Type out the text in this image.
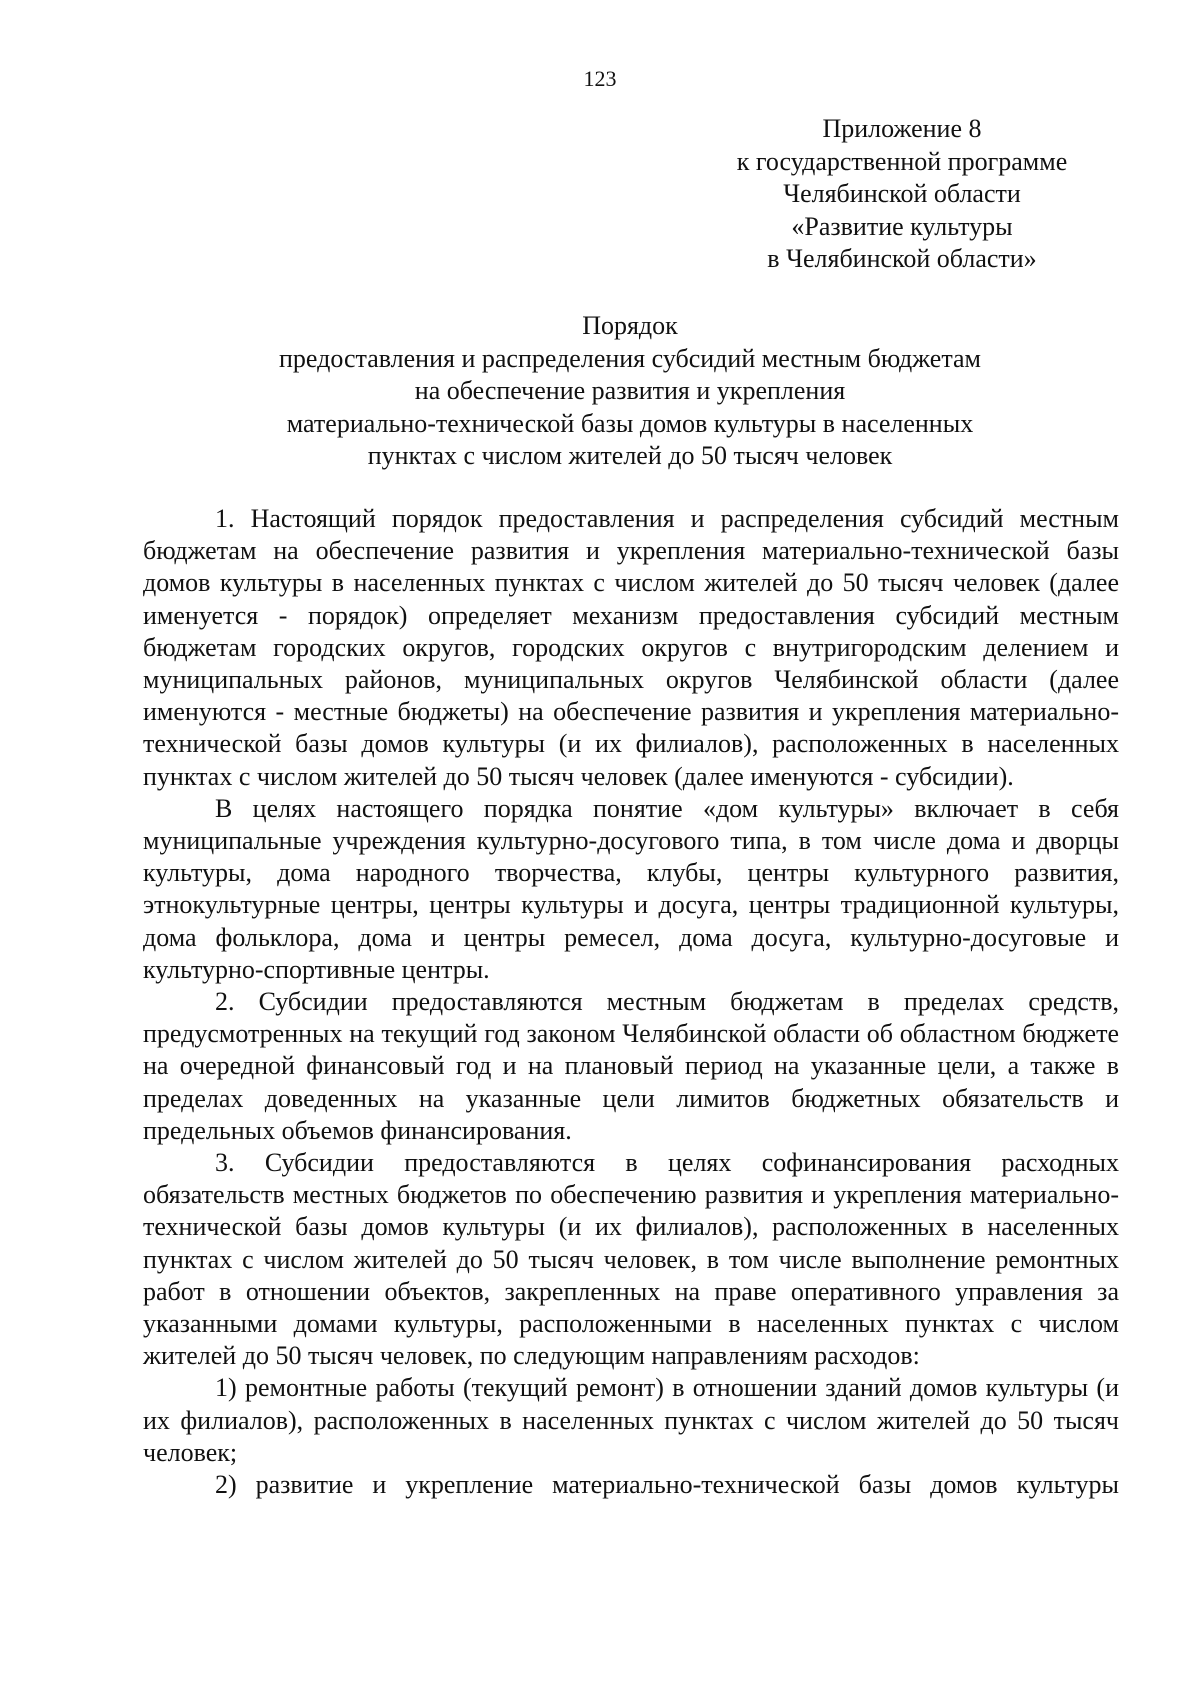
123
Приложение 8
к государственной программе
Челябинской области
«Развитие культуры
в Челябинской области»
Порядок
предоставления и распределения субсидий местным бюджетам
на обеспечение развития и укрепления
материально-технической базы домов культуры в населенных
пунктах с числом жителей до 50 тысяч человек

1. Настоящий порядок предоставления и распределения субсидий местным бюджетам на обеспечение развития и укрепления материально-технической базы домов культуры в населенных пунктах с числом жителей до 50 тысяч человек (далее именуется - порядок) определяет механизм предоставления субсидий местным бюджетам городских округов, городских округов с внутригородским делением и муниципальных районов, муниципальных округов Челябинской области (далее именуются - местные бюджеты) на обеспечение развития и укрепления материально-технической базы домов культуры (и их филиалов), расположенных в населенных пунктах с числом жителей до 50 тысяч человек (далее именуются - субсидии).

В целях настоящего порядка понятие «дом культуры» включает в себя муниципальные учреждения культурно-досугового типа, в том числе дома и дворцы культуры, дома народного творчества, клубы, центры культурного развития, этнокультурные центры, центры культуры и досуга, центры традиционной культуры, дома фольклора, дома и центры ремесел, дома досуга, культурно-досуговые и культурно-спортивные центры.

2. Субсидии предоставляются местным бюджетам в пределах средств, предусмотренных на текущий год законом Челябинской области об областном бюджете на очередной финансовый год и на плановый период на указанные цели, а также в пределах доведенных на указанные цели лимитов бюджетных обязательств и предельных объемов финансирования.

3. Субсидии предоставляются в целях софинансирования расходных обязательств местных бюджетов по обеспечению развития и укрепления материально-технической базы домов культуры (и их филиалов), расположенных в населенных пунктах с числом жителей до 50 тысяч человек, в том числе выполнение ремонтных работ в отношении объектов, закрепленных на праве оперативного управления за указанными домами культуры, расположенными в населенных пунктах с числом жителей до 50 тысяч человек, по следующим направлениям расходов:

1) ремонтные работы (текущий ремонт) в отношении зданий домов культуры (и их филиалов), расположенных в населенных пунктах с числом жителей до 50 тысяч человек;

2) развитие и укрепление материально-технической базы домов культуры
